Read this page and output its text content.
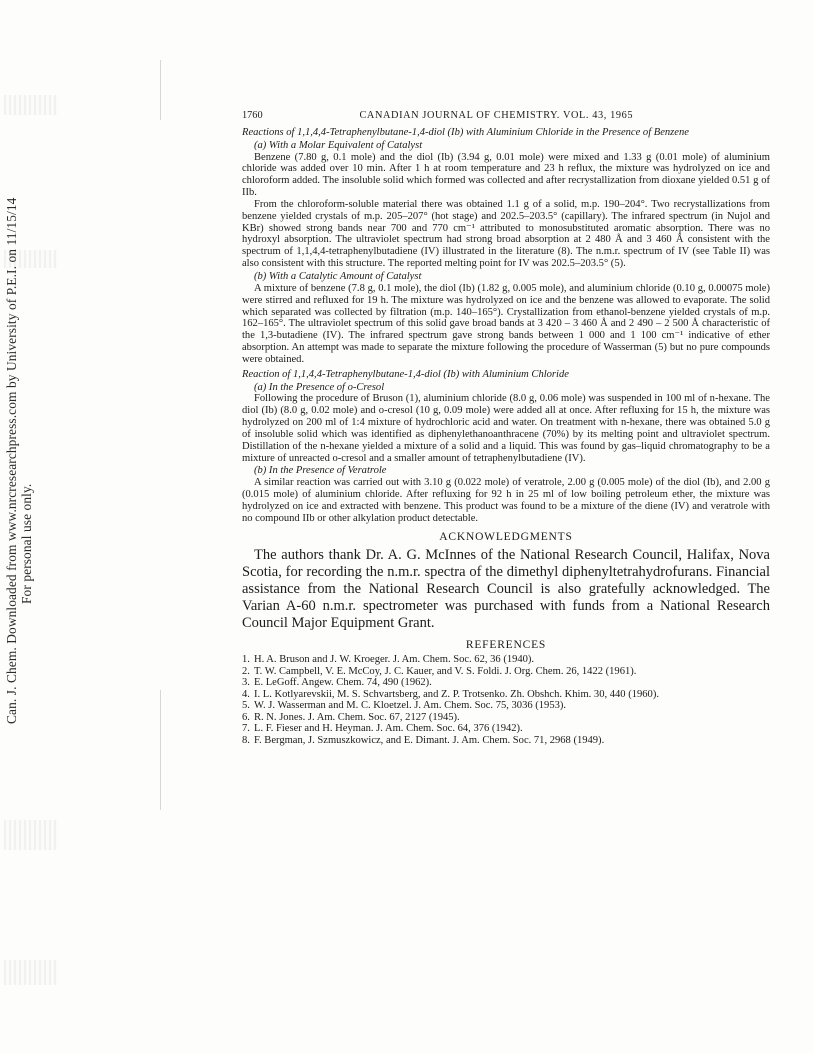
Can. J. Chem. Downloaded from www.nrcresearchpress.com by University of P.E.I. on 11/15/14 For personal use only.
1760	CANADIAN JOURNAL OF CHEMISTRY. VOL. 43, 1965
Reactions of 1,1,4,4-Tetraphenylbutane-1,4-diol (Ib) with Aluminium Chloride in the Presence of Benzene
(a) With a Molar Equivalent of Catalyst

Benzene (7.80 g, 0.1 mole) and the diol (Ib) (3.94 g, 0.01 mole) were mixed and 1.33 g (0.01 mole) of aluminium chloride was added over 10 min. After 1 h at room temperature and 23 h reflux, the mixture was hydrolyzed on ice and chloroform added. The insoluble solid which formed was collected and after recrystallization from dioxane yielded 0.51 g of IIb.

From the chloroform-soluble material there was obtained 1.1 g of a solid, m.p. 190–204°. Two recrystallizations from benzene yielded crystals of m.p. 205–207° (hot stage) and 202.5–203.5° (capillary). The infrared spectrum (in Nujol and KBr) showed strong bands near 700 and 770 cm⁻¹ attributed to monosubstituted aromatic absorption. There was no hydroxyl absorption. The ultraviolet spectrum had strong broad absorption at 2 480 Å and 3 460 Å consistent with the spectrum of 1,1,4,4-tetraphenylbutadiene (IV) illustrated in the literature (8). The n.m.r. spectrum of IV (see Table II) was also consistent with this structure. The reported melting point for IV was 202.5–203.5° (5).

(b) With a Catalytic Amount of Catalyst

A mixture of benzene (7.8 g, 0.1 mole), the diol (Ib) (1.82 g, 0.005 mole), and aluminium chloride (0.10 g, 0.00075 mole) were stirred and refluxed for 19 h. The mixture was hydrolyzed on ice and the benzene was allowed to evaporate. The solid which separated was collected by filtration (m.p. 140–165°). Crystallization from ethanol-benzene yielded crystals of m.p. 162–165°. The ultraviolet spectrum of this solid gave broad bands at 3 420 – 3 460 Å and 2 490 – 2 500 Å characteristic of the 1,3-butadiene (IV). The infrared spectrum gave strong bands between 1 000 and 1 100 cm⁻¹ indicative of ether absorption. An attempt was made to separate the mixture following the procedure of Wasserman (5) but no pure compounds were obtained.

Reaction of 1,1,4,4-Tetraphenylbutane-1,4-diol (Ib) with Aluminium Chloride
(a) In the Presence of o-Cresol

Following the procedure of Bruson (1), aluminium chloride (8.0 g, 0.06 mole) was suspended in 100 ml of n-hexane. The diol (Ib) (8.0 g, 0.02 mole) and o-cresol (10 g, 0.09 mole) were added all at once. After refluxing for 15 h, the mixture was hydrolyzed on 200 ml of 1:4 mixture of hydrochloric acid and water. On treatment with n-hexane, there was obtained 5.0 g of insoluble solid which was identified as diphenylethanoanthracene (70%) by its melting point and ultraviolet spectrum. Distillation of the n-hexane yielded a mixture of a solid and a liquid. This was found by gas–liquid chromatography to be a mixture of unreacted o-cresol and a smaller amount of tetraphenylbutadiene (IV).

(b) In the Presence of Veratrole

A similar reaction was carried out with 3.10 g (0.022 mole) of veratrole, 2.00 g (0.005 mole) of the diol (Ib), and 2.00 g (0.015 mole) of aluminium chloride. After refluxing for 92 h in 25 ml of low boiling petroleum ether, the mixture was hydrolyzed on ice and extracted with benzene. This product was found to be a mixture of the diene (IV) and veratrole with no compound IIb or other alkylation product detectable.

ACKNOWLEDGMENTS
The authors thank Dr. A. G. McInnes of the National Research Council, Halifax, Nova Scotia, for recording the n.m.r. spectra of the dimethyl diphenyltetrahydrofurans. Financial assistance from the National Research Council is also gratefully acknowledged. The Varian A-60 n.m.r. spectrometer was purchased with funds from a National Research Council Major Equipment Grant.
REFERENCES
1. H. A. Bruson and J. W. Kroeger. J. Am. Chem. Soc. 62, 36 (1940).
2. T. W. Campbell, V. E. McCoy, J. C. Kauer, and V. S. Foldi. J. Org. Chem. 26, 1422 (1961).
3. E. LeGoff. Angew. Chem. 74, 490 (1962).
4. I. L. Kotlyarevskii, M. S. Schvartsberg, and Z. P. Trotsenko. Zh. Obshch. Khim. 30, 440 (1960).
5. W. J. Wasserman and M. C. Kloetzel. J. Am. Chem. Soc. 75, 3036 (1953).
6. R. N. Jones. J. Am. Chem. Soc. 67, 2127 (1945).
7. L. F. Fieser and H. Heyman. J. Am. Chem. Soc. 64, 376 (1942).
8. F. Bergman, J. Szmuszkowicz, and E. Dimant. J. Am. Chem. Soc. 71, 2968 (1949).
